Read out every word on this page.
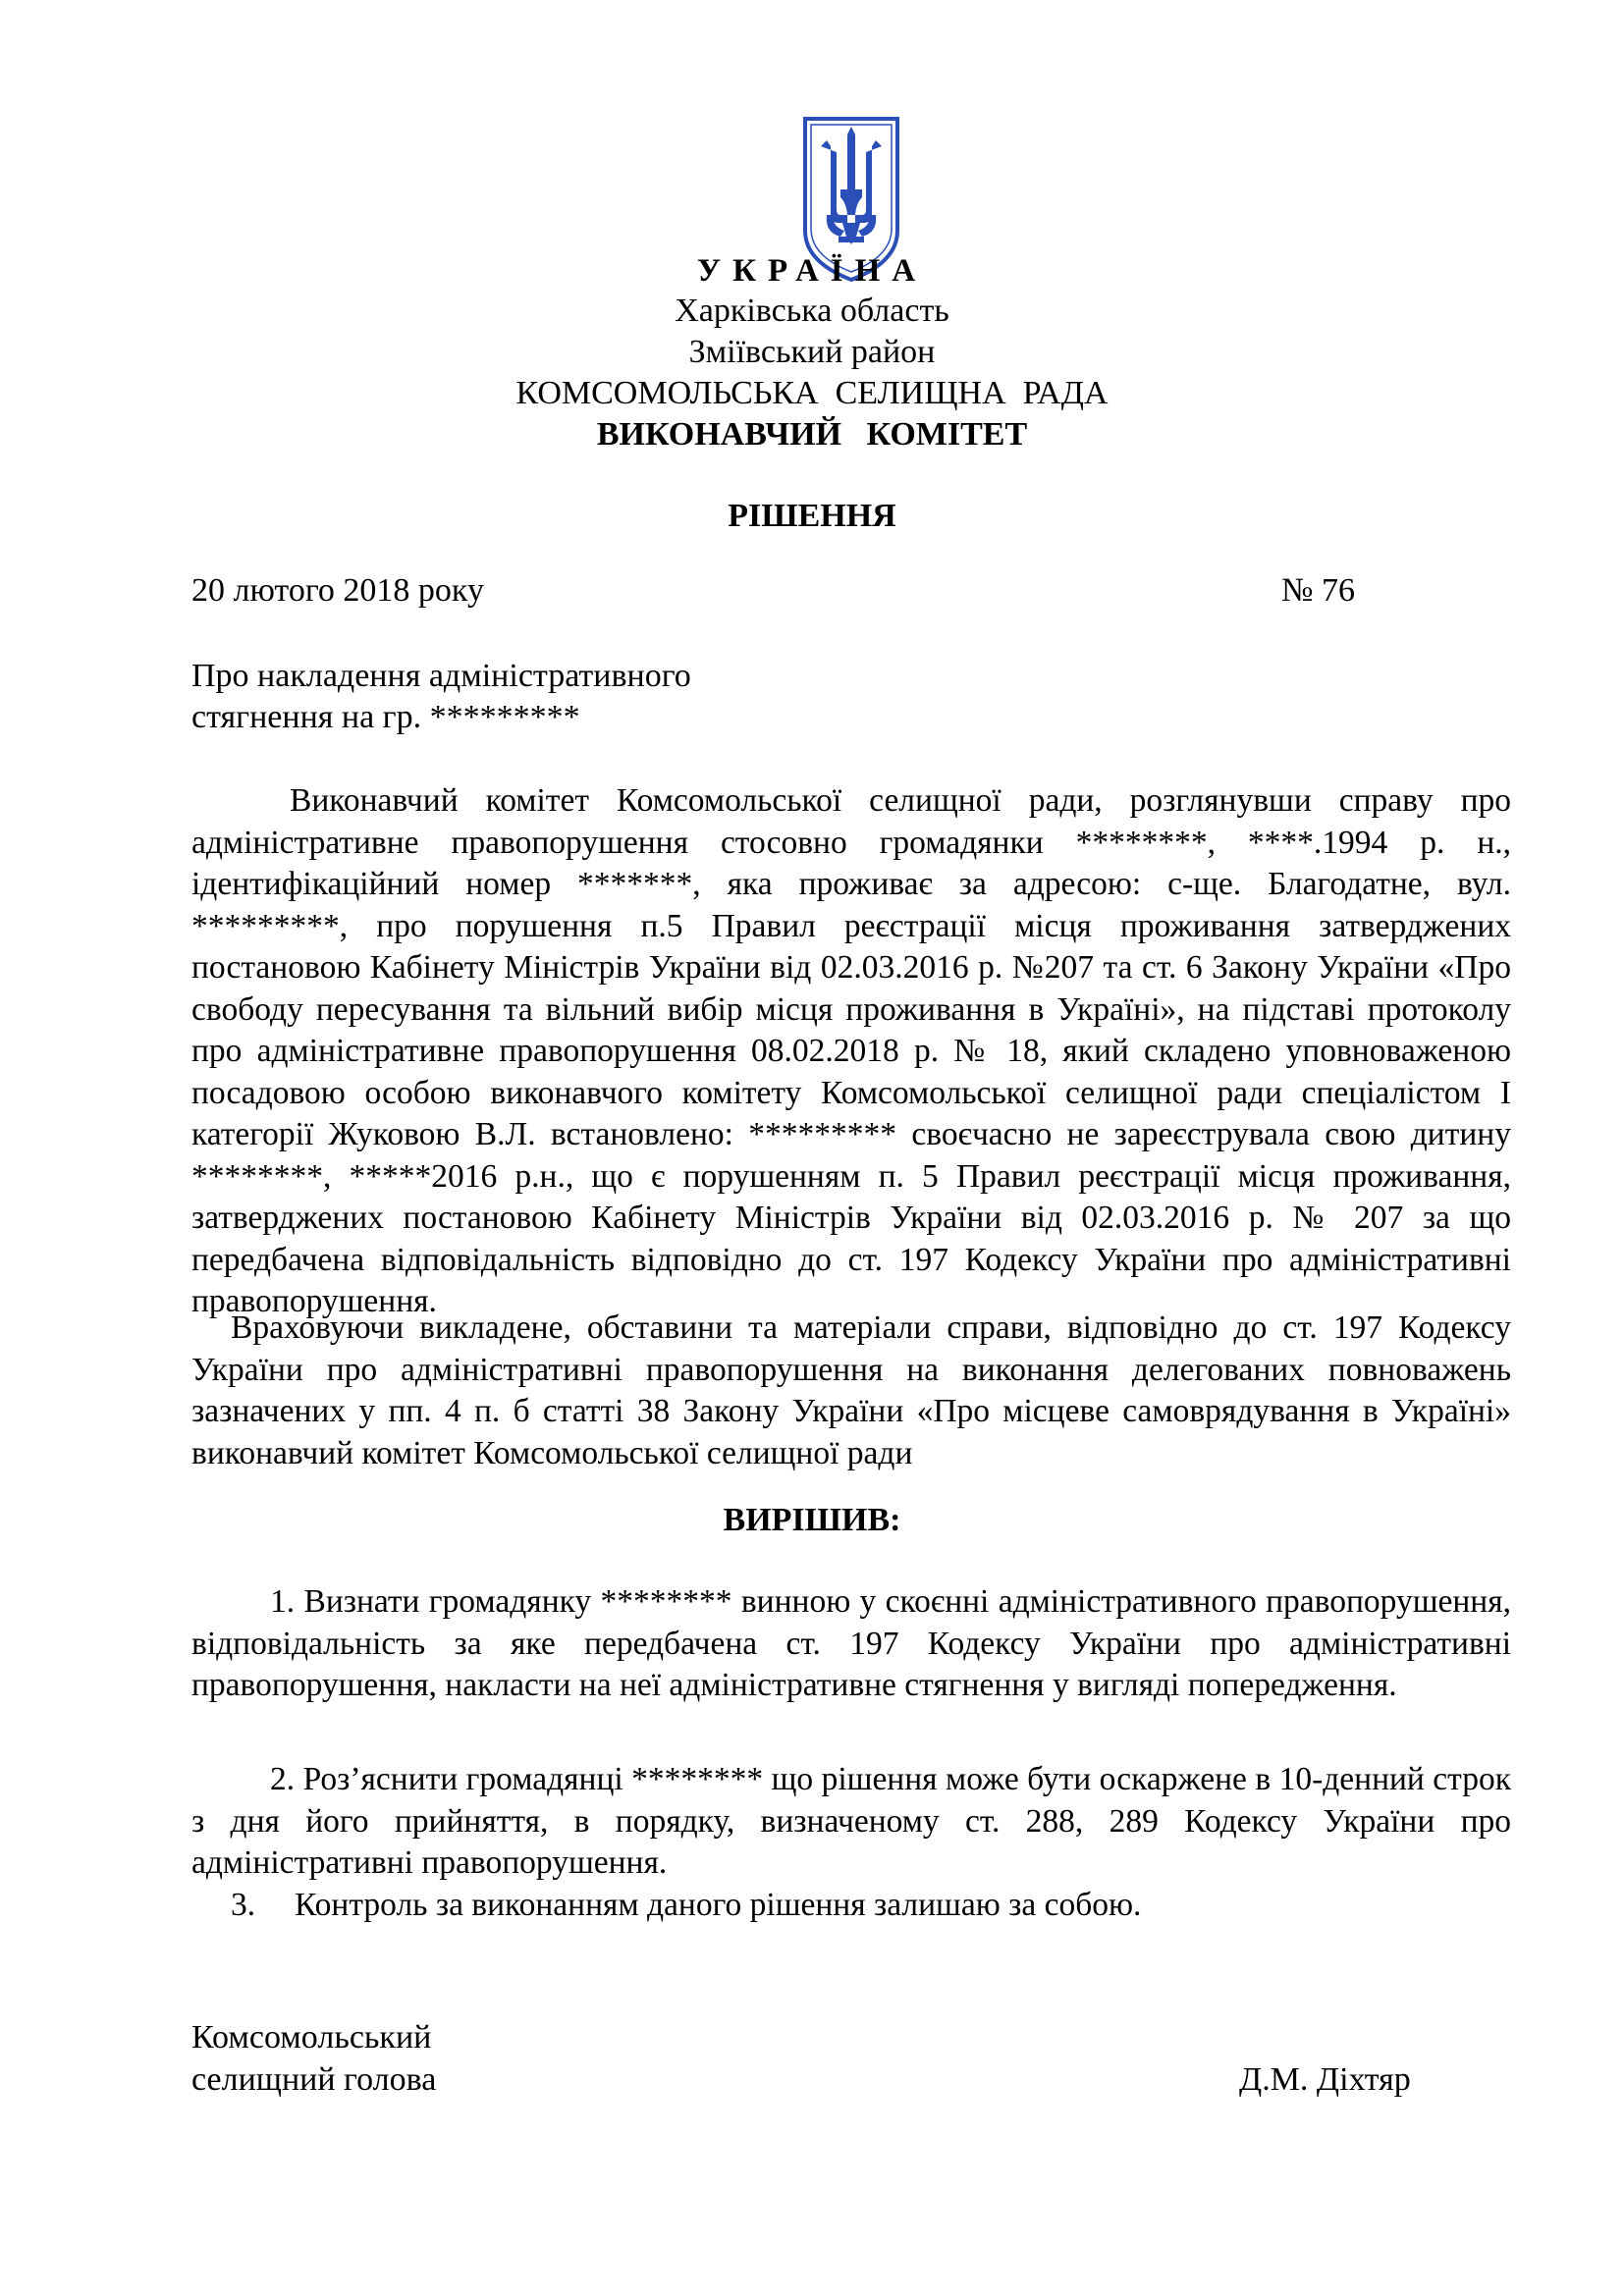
УКРАЇНА
Харківська область
Зміївський район
КОМСОМОЛЬСЬКА  СЕЛИЩНА  РАДА
ВИКОНАВЧИЙ   КОМІТЕТ
РІШЕННЯ
20 лютого 2018 року	№ 76
Про накладення адміністративного
стягнення на гр. *********
Виконавчий комітет Комсомольської селищної ради, розглянувши справу про адміністративне правопорушення стосовно громадянки ********, ****.1994 р. н., ідентифікаційний номер *******, яка проживає за адресою: с-ще. Благодатне, вул. *********, про порушення п.5 Правил реєстрації місця проживання затверджених постановою Кабінету Міністрів України від 02.03.2016 р. №207 та ст. 6 Закону України «Про свободу пересування та вільний вибір місця проживання в Україні», на підставі протоколу про адміністративне правопорушення 08.02.2018 р. № 18, який складено уповноваженою посадовою особою виконавчого комітету Комсомольської селищної ради спеціалістом І категорії Жуковою В.Л. встановлено: ********* своєчасно не зареєструвала свою дитину ********, *****2016 р.н., що є порушенням п. 5 Правил реєстрації місця проживання, затверджених постановою Кабінету Міністрів України від 02.03.2016 р. № 207 за що передбачена відповідальність відповідно до ст. 197 Кодексу України про адміністративні правопорушення.
Враховуючи викладене, обставини та матеріали справи, відповідно до ст. 197 Кодексу України про адміністративні правопорушення на виконання делегованих повноважень зазначених у пп. 4 п. б статті 38 Закону України «Про місцеве самоврядування в Україні» виконавчий комітет Комсомольської селищної ради
ВИРІШИВ:
1. Визнати громадянку ******** винною у скоєнні адміністративного правопорушення, відповідальність за яке передбачена ст. 197 Кодексу України про адміністративні правопорушення, накласти на неї адміністративне стягнення у вигляді попередження.
2. Роз’яснити громадянці ******** що рішення може бути оскаржене в 10-денний строк з дня його прийняття, в порядку, визначеному ст. 288, 289 Кодексу України про адміністративні правопорушення.
3. Контроль за виконанням даного рішення залишаю за собою.
Комсомольський
селищний голова	Д.М. Діхтяр
